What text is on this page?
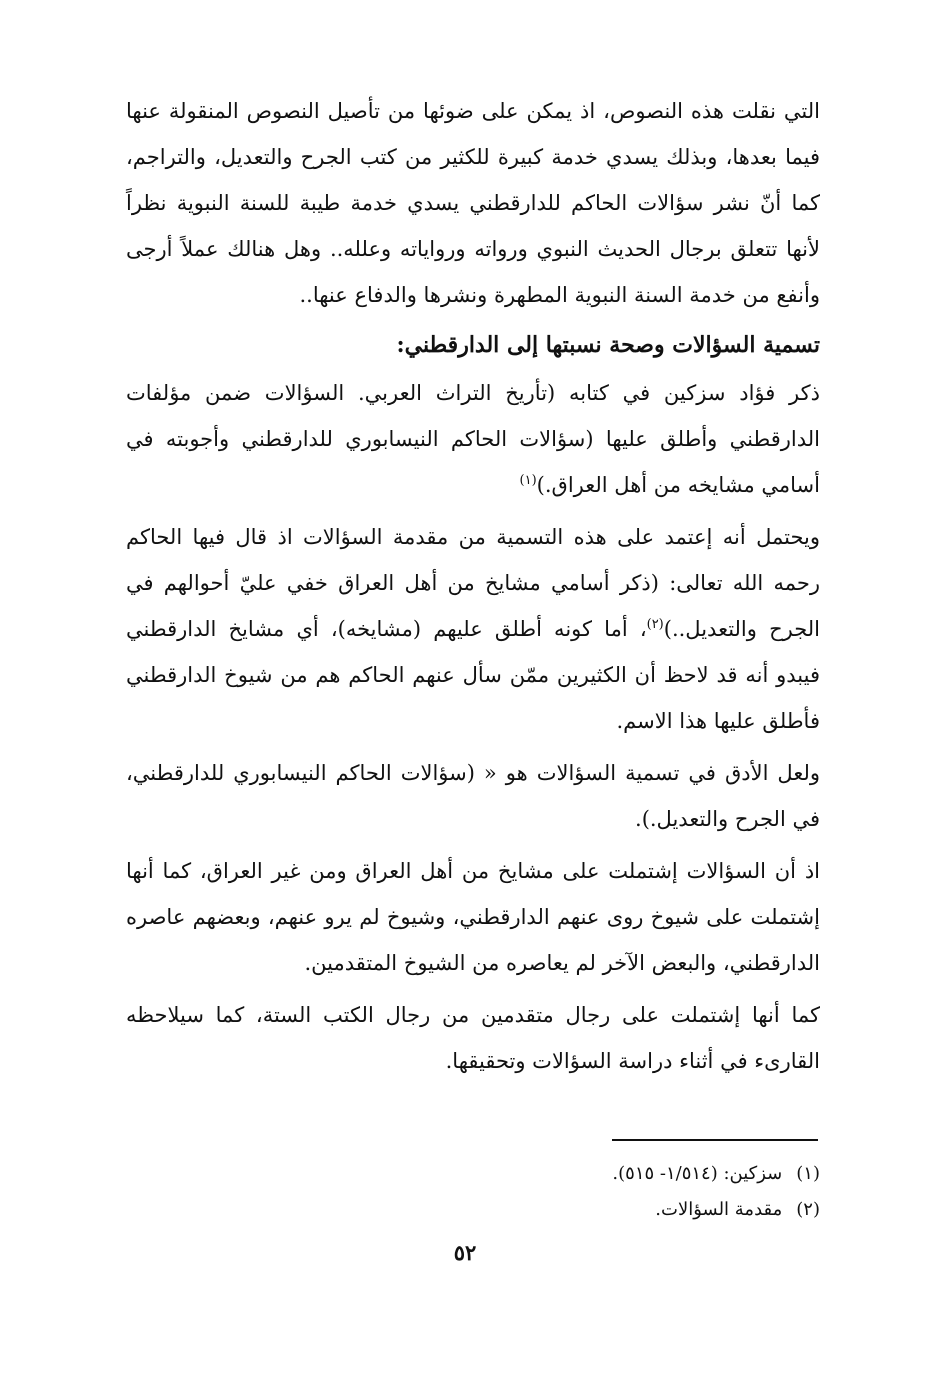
التي نقلت هذه النصوص، اذ يمكن على ضوئها من تأصيل النصوص المنقولة عنها فيما بعدها، وبذلك يسدي خدمة كبيرة للكثير من كتب الجرح والتعديل، والتراجم، كما أنّ نشر سؤالات الحاكم للدارقطني يسدي خدمة طيبة للسنة النبوية نظراً لأنها تتعلق برجال الحديث النبوي ورواته ورواياته وعلله.. وهل هنالك عملاً أرجى وأنفع من خدمة السنة النبوية المطهرة ونشرها والدفاع عنها..

تسمية السؤالات وصحة نسبتها إلى الدارقطني:

ذكر فؤاد سزكين في كتابه (تأريخ التراث العربي. السؤالات ضمن مؤلفات الدارقطني وأطلق عليها (سؤالات الحاكم النيسابوري للدارقطني وأجوبته في أسامي مشايخه من أهل العراق.)$^{(١)}$

ويحتمل أنه إعتمد على هذه التسمية من مقدمة السؤالات اذ قال فيها الحاكم رحمه الله تعالى: (ذكر أسامي مشايخ من أهل العراق خفي عليّ أحوالهم في الجرح والتعديل..)$^{(٢)}$، أما كونه أطلق عليهم (مشايخه)، أي مشايخ الدارقطني فيبدو أنه قد لاحظ أن الكثيرين ممّن سأل عنهم الحاكم هم من شيوخ الدارقطني فأطلق عليها هذا الاسم.

ولعل الأدق في تسمية السؤالات هو « (سؤالات الحاكم النيسابوري للدارقطني، في الجرح والتعديل.).

اذ أن السؤالات إشتملت على مشايخ من أهل العراق ومن غير العراق، كما أنها إشتملت على شيوخ روى عنهم الدارقطني، وشيوخ لم يرو عنهم، وبعضهم عاصره الدارقطني، والبعض الآخر لم يعاصره من الشيوخ المتقدمين.

كما أنها إشتملت على رجال متقدمين من رجال الكتب الستة، كما سيلاحظه القارىء في أثناء دراسة السؤالات وتحقيقها.

(١)سزكين: (١/٥١٤- ٥١٥).

(٢)مقدمة السؤالات.

٥٢
